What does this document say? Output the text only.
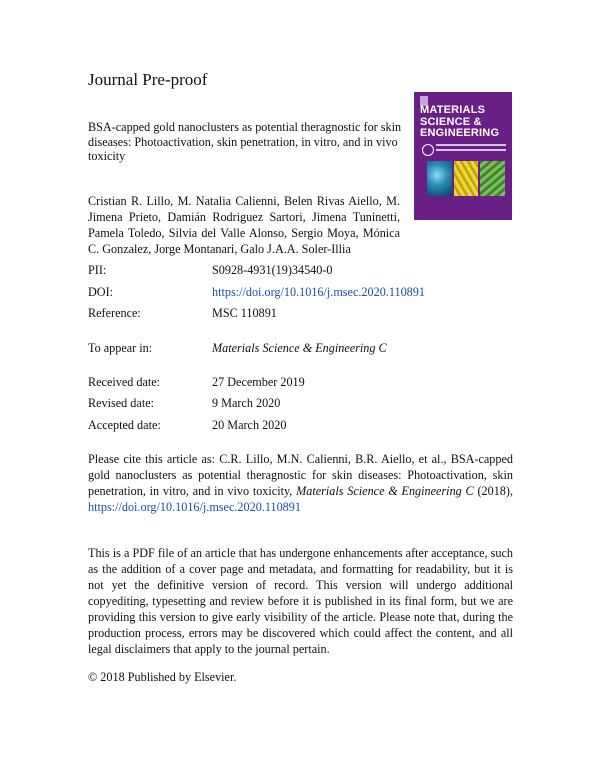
Journal Pre-proof
BSA-capped gold nanoclusters as potential theragnostic for skin diseases: Photoactivation, skin penetration, in vitro, and in vivo toxicity
MATERIALS
SCIENCE &
ENGINEERING
Cristian R. Lillo, M. Natalia Calienni, Belen Rivas Aiello, M. Jimena Prieto, Damián Rodriguez Sartori, Jimena Tuninetti, Pamela Toledo, Silvia del Valle Alonso, Sergio Moya, Mónica C. Gonzalez, Jorge Montanari, Galo J.A.A. Soler-Illia
PII:	S0928-4931(19)34540-0
DOI:	https://doi.org/10.1016/j.msec.2020.110891
Reference:	MSC 110891
To appear in:	Materials Science & Engineering C
Received date:	27 December 2019
Revised date:	9 March 2020
Accepted date:	20 March 2020
Please cite this article as: C.R. Lillo, M.N. Calienni, B.R. Aiello, et al., BSA-capped gold nanoclusters as potential theragnostic for skin diseases: Photoactivation, skin penetration, in vitro, and in vivo toxicity, Materials Science & Engineering C (2018), https://doi.org/10.1016/j.msec.2020.110891
This is a PDF file of an article that has undergone enhancements after acceptance, such as the addition of a cover page and metadata, and formatting for readability, but it is not yet the definitive version of record. This version will undergo additional copyediting, typesetting and review before it is published in its final form, but we are providing this version to give early visibility of the article. Please note that, during the production process, errors may be discovered which could affect the content, and all legal disclaimers that apply to the journal pertain.
© 2018 Published by Elsevier.
